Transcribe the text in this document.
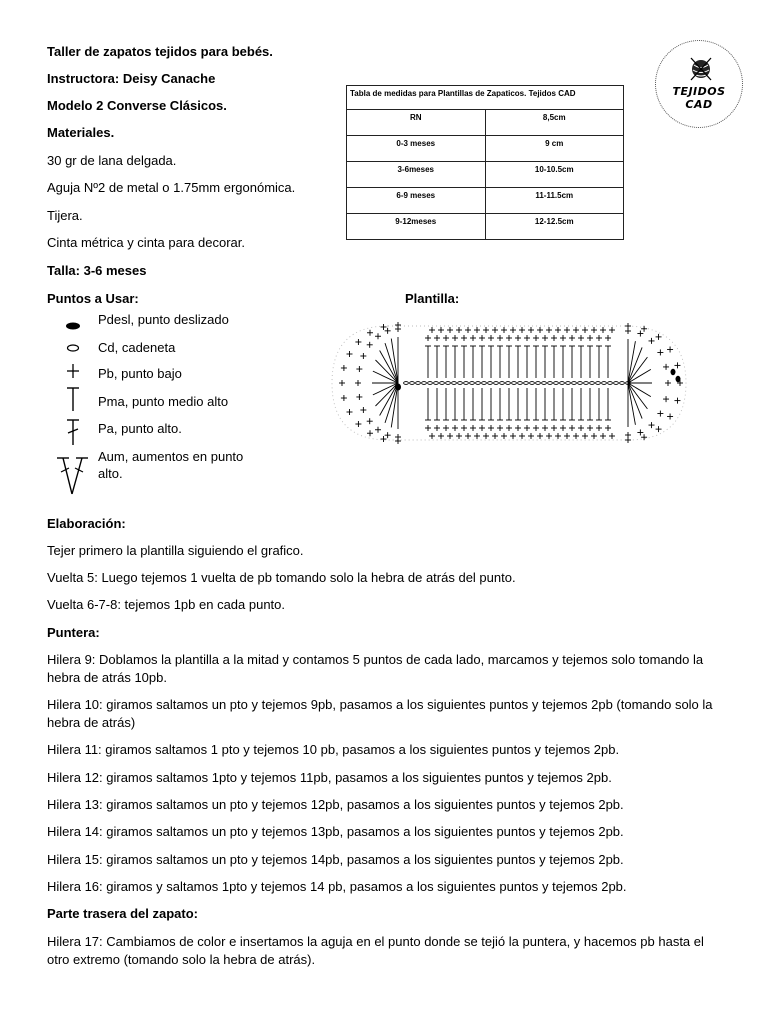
Taller de zapatos tejidos para bebés.
Instructora: Deisy Canache
Modelo 2 Converse Clásicos.
Materiales.
30 gr de lana delgada.
Aguja Nº2 de metal o 1.75mm ergonómica.
Tijera.
Cinta métrica y cinta para decorar.
Talla: 3-6 meses
Tabla de medidas para Plantillas de Zapaticos. Tejidos CAD	
RN	8,5cm
0-3 meses	9 cm
3-6meses	10-10.5cm
6-9 meses	11-11.5cm
9-12meses	12-12.5cm
TEJIDOS CAD
Puntos a Usar:
Pdesl, punto deslizado
Cd, cadeneta
Pb, punto bajo
Pma, punto medio alto
Pa, punto alto.
Aum, aumentos en punto
alto.
Plantilla:
Elaboración:
Tejer primero la plantilla siguiendo el grafico.
Vuelta 5: Luego tejemos 1 vuelta de pb tomando solo la hebra de atrás del punto.
Vuelta 6-7-8: tejemos 1pb en cada punto.
Puntera:
Hilera 9: Doblamos la plantilla a la mitad y contamos 5 puntos de cada lado, marcamos y tejemos solo tomando la hebra de atrás 10pb.
Hilera 10: giramos saltamos un pto y tejemos 9pb, pasamos a los siguientes puntos y tejemos 2pb (tomando solo la hebra de atrás)
Hilera 11: giramos saltamos 1 pto y tejemos 10 pb, pasamos a los siguientes puntos y tejemos 2pb.
Hilera 12: giramos saltamos 1pto y tejemos 11pb, pasamos a los siguientes puntos y tejemos 2pb.
Hilera 13: giramos saltamos un pto y tejemos 12pb, pasamos a los siguientes puntos y tejemos 2pb.
Hilera 14: giramos saltamos un pto y tejemos 13pb, pasamos a los siguientes puntos y tejemos 2pb.
Hilera 15: giramos saltamos un pto y tejemos 14pb, pasamos a los siguientes puntos y tejemos 2pb.
Hilera 16: giramos y saltamos 1pto y tejemos 14 pb, pasamos a los siguientes puntos y tejemos 2pb.
Parte trasera del zapato:
Hilera 17: Cambiamos de color e insertamos la aguja en el punto donde se tejió la puntera, y hacemos pb hasta el otro extremo (tomando solo la hebra de atrás).
